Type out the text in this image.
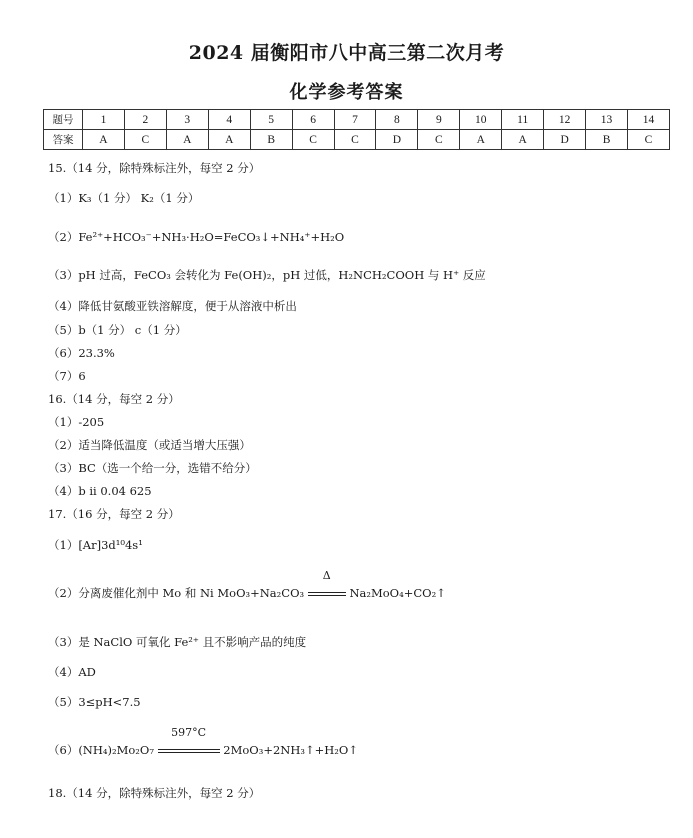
2024 届衡阳市八中高三第二次月考
化学参考答案
题号	1	2	3	4	5	6	7	8	9	10	11	12	13	14
答案	A	C	A	A	B	C	C	D	C	A	A	D	B	C
15.（14 分，除特殊标注外，每空 2 分）
（1）K₃（1 分） K₂（1 分）
（2）Fe²⁺+HCO₃⁻+NH₃·H₂O=FeCO₃↓+NH₄⁺+H₂O
（3）pH 过高，FeCO₃ 会转化为 Fe(OH)₂，pH 过低，H₂NCH₂COOH 与 H⁺ 反应
（4）降低甘氨酸亚铁溶解度，便于从溶液中析出
（5）b（1 分） c（1 分）
（6）23.3%
（7）6
16.（14 分，每空 2 分）
（1）-205
（2）适当降低温度（或适当增大压强）
（3）BC（选一个给一分，选错不给分）
（4）b ii 0.04 625
17.（16 分，每空 2 分）
（1）[Ar]3d¹⁰4s¹
（2）分离废催化剂中 Mo 和 Ni MoO₃+Na₂CO₃
Δ
Na₂MoO₄+CO₂↑
（3）是 NaClO 可氧化 Fe²⁺ 且不影响产品的纯度
（4）AD
（5）3≤pH<7.5
（6）(NH₄)₂Mo₂O₇
597°C
2MoO₃+2NH₃↑+H₂O↑
18.（14 分，除特殊标注外，每空 2 分）
